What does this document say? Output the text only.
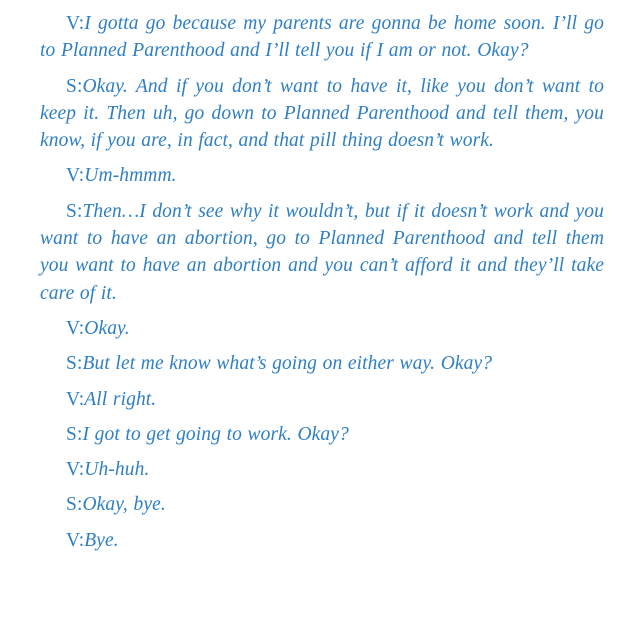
V:I gotta go because my parents are gonna be home soon. I’ll go to Planned Parenthood and I’ll tell you if I am or not. Okay?

S:Okay. And if you don’t want to have it, like you don’t want to keep it. Then uh, go down to Planned Parenthood and tell them, you know, if you are, in fact, and that pill thing doesn’t work.

V:Um-hmmm.

S:Then…I don’t see why it wouldn’t, but if it doesn’t work and you want to have an abortion, go to Planned Parenthood and tell them you want to have an abortion and you can’t afford it and they’ll take care of it.

V:Okay.

S:But let me know what’s going on either way. Okay?

V:All right.

S:I got to get going to work. Okay?

V:Uh-huh.

S:Okay, bye.

V:Bye.
